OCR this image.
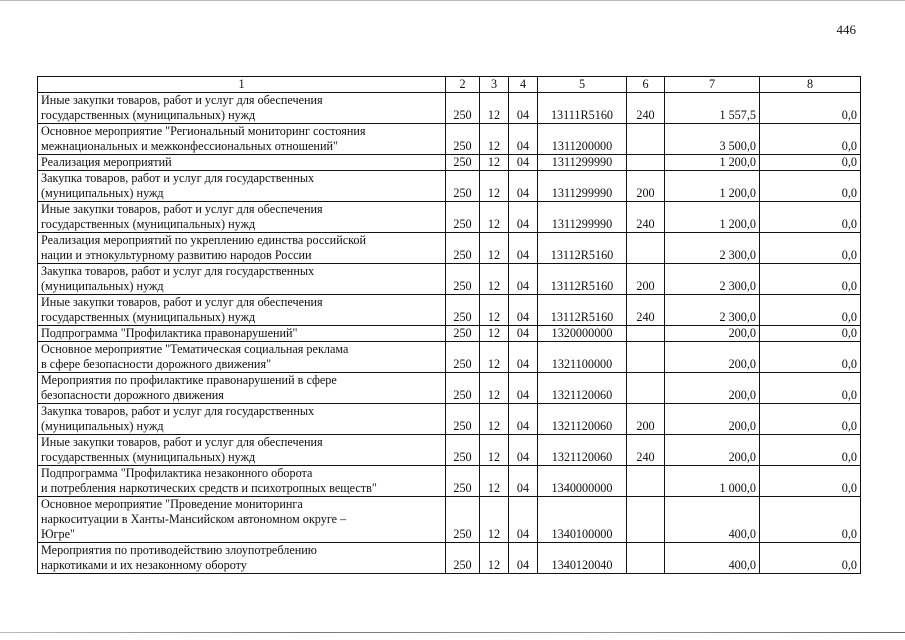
446
1	2	3	4	5	6	7	8
Иные закупки товаров, работ и услуг для обеспечения
государственных (муниципальных) нужд	250	12	04	13111R5160	240	1 557,5	0,0
Основное мероприятие "Региональный мониторинг состояния
межнациональных и межконфессиональных отношений"	250	12	04	1311200000		3 500,0	0,0
Реализация мероприятий	250	12	04	1311299990		1 200,0	0,0
Закупка товаров, работ и услуг для государственных
(муниципальных) нужд	250	12	04	1311299990	200	1 200,0	0,0
Иные закупки товаров, работ и услуг для обеспечения
государственных (муниципальных) нужд	250	12	04	1311299990	240	1 200,0	0,0
Реализация мероприятий по укреплению единства российской
нации и этнокультурному развитию народов России	250	12	04	13112R5160		2 300,0	0,0
Закупка товаров, работ и услуг для государственных
(муниципальных) нужд	250	12	04	13112R5160	200	2 300,0	0,0
Иные закупки товаров, работ и услуг для обеспечения
государственных (муниципальных) нужд	250	12	04	13112R5160	240	2 300,0	0,0
Подпрограмма "Профилактика правонарушений"	250	12	04	1320000000		200,0	0,0
Основное мероприятие "Тематическая социальная реклама
в сфере безопасности дорожного движения"	250	12	04	1321100000		200,0	0,0
Мероприятия по профилактике правонарушений в сфере
безопасности дорожного движения	250	12	04	1321120060		200,0	0,0
Закупка товаров, работ и услуг для государственных
(муниципальных) нужд	250	12	04	1321120060	200	200,0	0,0
Иные закупки товаров, работ и услуг для обеспечения
государственных (муниципальных) нужд	250	12	04	1321120060	240	200,0	0,0
Подпрограмма "Профилактика незаконного оборота
и потребления наркотических средств и психотропных веществ"	250	12	04	1340000000		1 000,0	0,0
Основное мероприятие "Проведение мониторинга
наркоситуации в Ханты-Мансийском автономном округе –
Югре"	250	12	04	1340100000		400,0	0,0
Мероприятия по противодействию злоупотреблению
наркотиками и их незаконному обороту	250	12	04	1340120040		400,0	0,0
